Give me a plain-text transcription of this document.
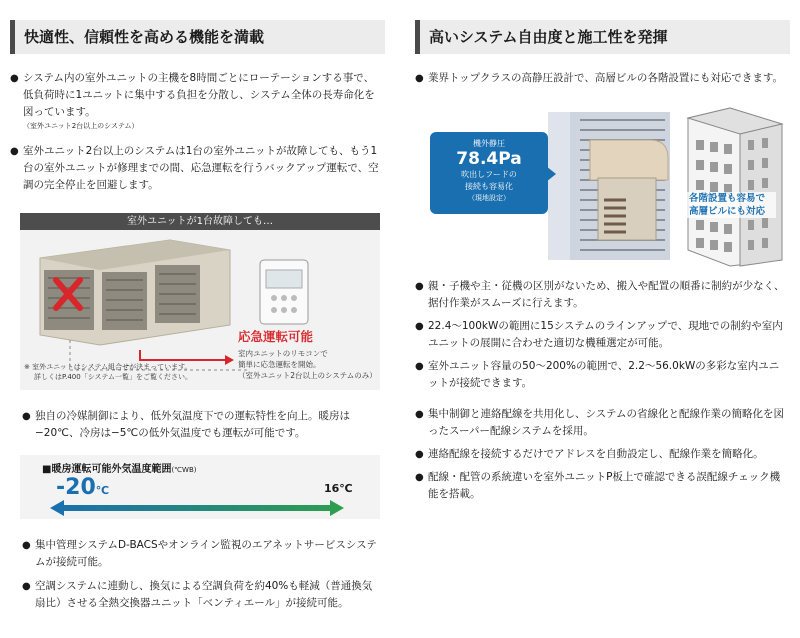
快適性、信頼性を高める機能を満載
● システム内の室外ユニットの主機を8時間ごとにローテーションする事で、低負荷時に1ユニットに集中する負担を分散し、システム全体の長寿命化を図っています。
（室外ユニット2台以上のシステム）
● 室外ユニット2台以上のシステムは1台の室外ユニットが故障しても、もう1台の室外ユニットが修理までの間、応急運転を行うバックアップ運転で、空調の完全停止を回避します。
室外ユニットが1台故障しても…
応急運転可能
室内ユニットのリモコンで
簡単に応急運転を開始。
（室外ユニット2台以上のシステムのみ）
※ 室外ユニットはシステム組合せが決まっています。
詳しくはP.400「システム一覧」をご覧ください。
● 独自の冷媒制御により、低外気温度下での運転特性を向上。暖房は−20℃、冷房は−5℃の低外気温度でも運転が可能です。
■暖房運転可能外気温度範囲(℃WB)
-20℃	16℃
● 集中管理システムD-BACSやオンライン監視のエアネットサービスシステムが接続可能。
● 空調システムに連動し、換気による空調負荷を約40%も軽減（普通換気扇比）させる全熱交換器ユニット「ベンティエール」が接続可能。
高いシステム自由度と施工性を発揮
● 業界トップクラスの高静圧設計で、高層ビルの各階設置にも対応できます。
機外静圧
78.4Pa
吹出しフードの
接続も容易化
（現地設定）	各階設置も容易で
高層ビルにも対応
● 親・子機や主・従機の区別がないため、搬入や配置の順番に制約が少なく、据付作業がスムーズに行えます。
● 22.4〜100kWの範囲に15システムのラインアップで、現地での制約や室内ユニットの展開に合わせた適切な機種選定が可能。
● 室外ユニット容量の50〜200%の範囲で、2.2〜56.0kWの多彩な室内ユニットが接続できます。
● 集中制御と連絡配線を共用化し、システムの省線化と配線作業の簡略化を図ったスーパー配線システムを採用。
● 連絡配線を接続するだけでアドレスを自動設定し、配線作業を簡略化。
● 配線・配管の系統違いを室外ユニットP板上で確認できる誤配線チェック機能を搭載。
